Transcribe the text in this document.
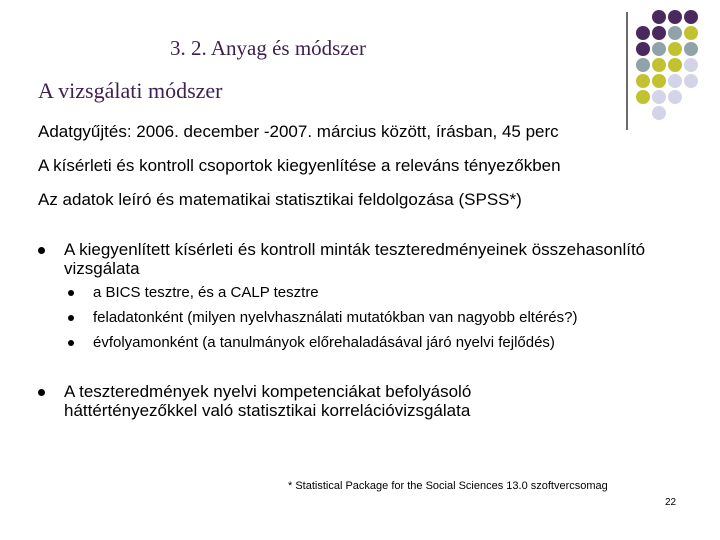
3. 2. Anyag és módszer
A vizsgálati módszer
Adatgyűjtés: 2006. december -2007. március között, írásban, 45 perc
A kísérleti és kontroll csoportok kiegyenlítése a releváns tényezőkben
Az adatok leíró és matematikai statisztikai feldolgozása (SPSS*)
A kiegyenlített kísérleti és kontroll minták teszteredményeinek összehasonlító vizsgálata
a BICS tesztre, és a CALP tesztre
feladatonként (milyen nyelvhasználati mutatókban van nagyobb eltérés?)
évfolyamonként (a tanulmányok előrehaladásával járó nyelvi fejlődés)
A teszteredmények nyelvi kompetenciákat befolyásoló háttértényezőkkel való statisztikai korrelációvizsgálata
* Statistical Package for the Social Sciences 13.0 szoftvercsomag
22
